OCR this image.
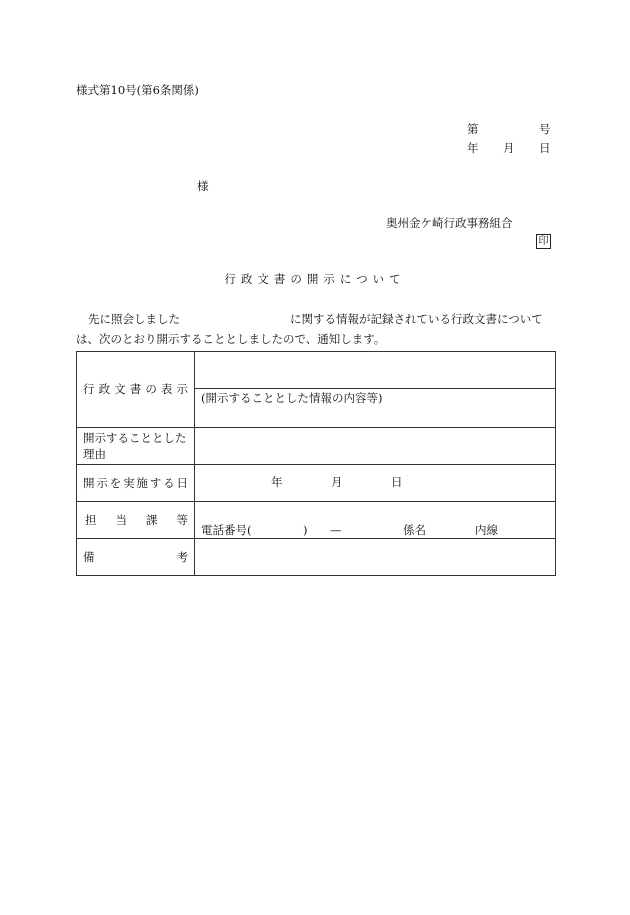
様式第10号(第6条関係)
第	号
年 月 日
様
奥州金ケ崎行政事務組合
印
行政文書の開示について
先に照会しました	に関する情報が記録されている行政文書については、次のとおり開示することとしましたので、通知します。
行政文書の表示	
	(開示することとした情報の内容等)
開示することとした理由	
開示を実施する日	年 月 日

担当課等	電話番号( ) — 係名 内線

備考	
